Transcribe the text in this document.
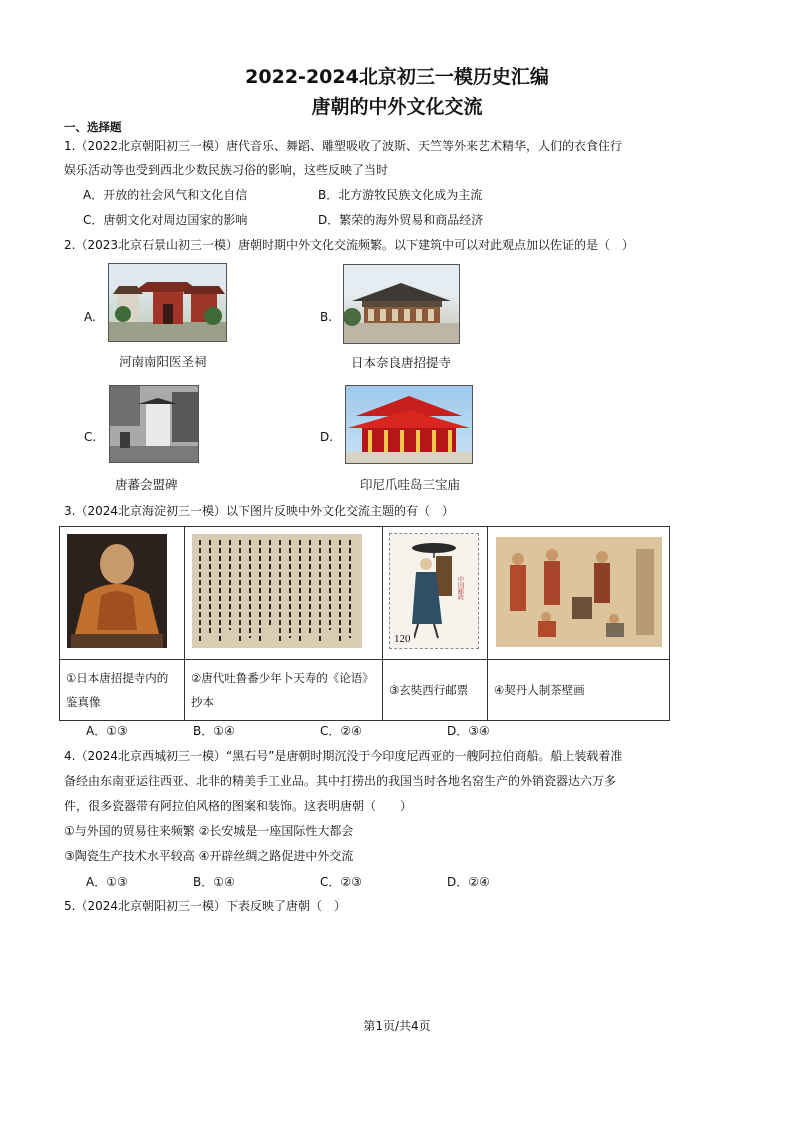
2022-2024北京初三一模历史汇编
唐朝的中外文化交流
一、选择题
1.（2022北京朝阳初三一模）唐代音乐、舞蹈、雕塑吸收了波斯、天竺等外来艺术精华，人们的衣食住行
娱乐活动等也受到西北少数民族习俗的影响，这些反映了当时
A．开放的社会风气和文化自信	B．北方游牧民族文化成为主流
C．唐朝文化对周边国家的影响	D．繁荣的海外贸易和商品经济
2.（2023北京石景山初三一模）唐朝时期中外文化交流频繁。以下建筑中可以对此观点加以佐证的是（　）
A.
河南南阳医圣祠
B.
日本奈良唐招提寺
C.
唐蕃会盟碑
D.
印尼爪哇岛三宝庙
3.（2024北京海淀初三一模）以下图片反映中外文化交流主题的有（　）

中国邮政
120

①日本唐招提寺内的鉴真像	②唐代吐鲁番少年卜天寿的《论语》抄本	③玄奘西行邮票	④契丹人制茶壁画
A．①③	B．①④	C．②④	D．③④
4.（2024北京西城初三一模）“黑石号”是唐朝时期沉没于今印度尼西亚的一艘阿拉伯商船。船上装载着准
备经由东南亚运往西亚、北非的精美手工业品。其中打捞出的我国当时各地名窑生产的外销瓷器达六万多
件，很多瓷器带有阿拉伯风格的图案和装饰。这表明唐朝（　　）
①与外国的贸易往来频繁 ②长安城是一座国际性大都会
③陶瓷生产技术水平较高 ④开辟丝绸之路促进中外交流
A．①③	B．①④	C．②③	D．②④
5.（2024北京朝阳初三一模）下表反映了唐朝（　）
第1页/共4页
